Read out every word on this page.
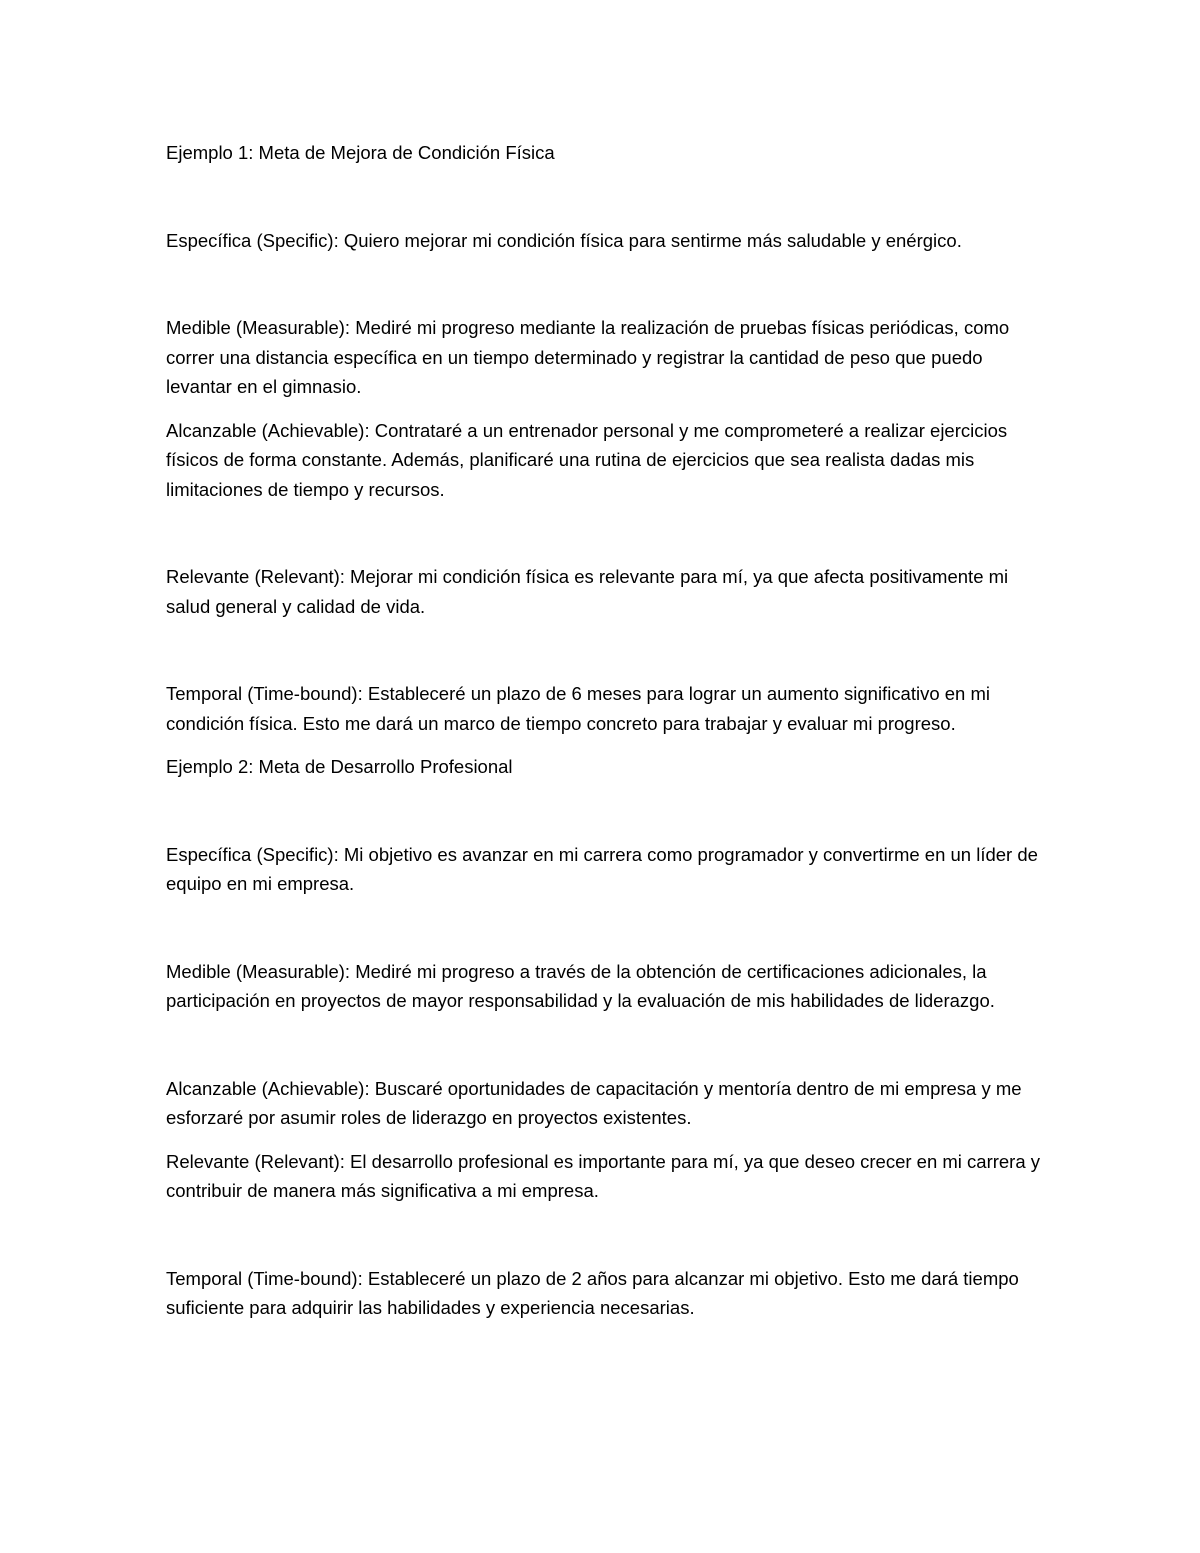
Ejemplo 1: Meta de Mejora de Condición Física

Específica (Specific): Quiero mejorar mi condición física para sentirme más saludable y enérgico.

Medible (Measurable): Mediré mi progreso mediante la realización de pruebas físicas periódicas, como correr una distancia específica en un tiempo determinado y registrar la cantidad de peso que puedo levantar en el gimnasio.

Alcanzable (Achievable): Contrataré a un entrenador personal y me comprometeré a realizar ejercicios físicos de forma constante. Además, planificaré una rutina de ejercicios que sea realista dadas mis limitaciones de tiempo y recursos.

Relevante (Relevant): Mejorar mi condición física es relevante para mí, ya que afecta positivamente mi salud general y calidad de vida.

Temporal (Time-bound): Estableceré un plazo de 6 meses para lograr un aumento significativo en mi condición física. Esto me dará un marco de tiempo concreto para trabajar y evaluar mi progreso.

Ejemplo 2: Meta de Desarrollo Profesional

Específica (Specific): Mi objetivo es avanzar en mi carrera como programador y convertirme en un líder de equipo en mi empresa.

Medible (Measurable): Mediré mi progreso a través de la obtención de certificaciones adicionales, la participación en proyectos de mayor responsabilidad y la evaluación de mis habilidades de liderazgo.

Alcanzable (Achievable): Buscaré oportunidades de capacitación y mentoría dentro de mi empresa y me esforzaré por asumir roles de liderazgo en proyectos existentes.

Relevante (Relevant): El desarrollo profesional es importante para mí, ya que deseo crecer en mi carrera y contribuir de manera más significativa a mi empresa.

Temporal (Time-bound): Estableceré un plazo de 2 años para alcanzar mi objetivo. Esto me dará tiempo suficiente para adquirir las habilidades y experiencia necesarias.
